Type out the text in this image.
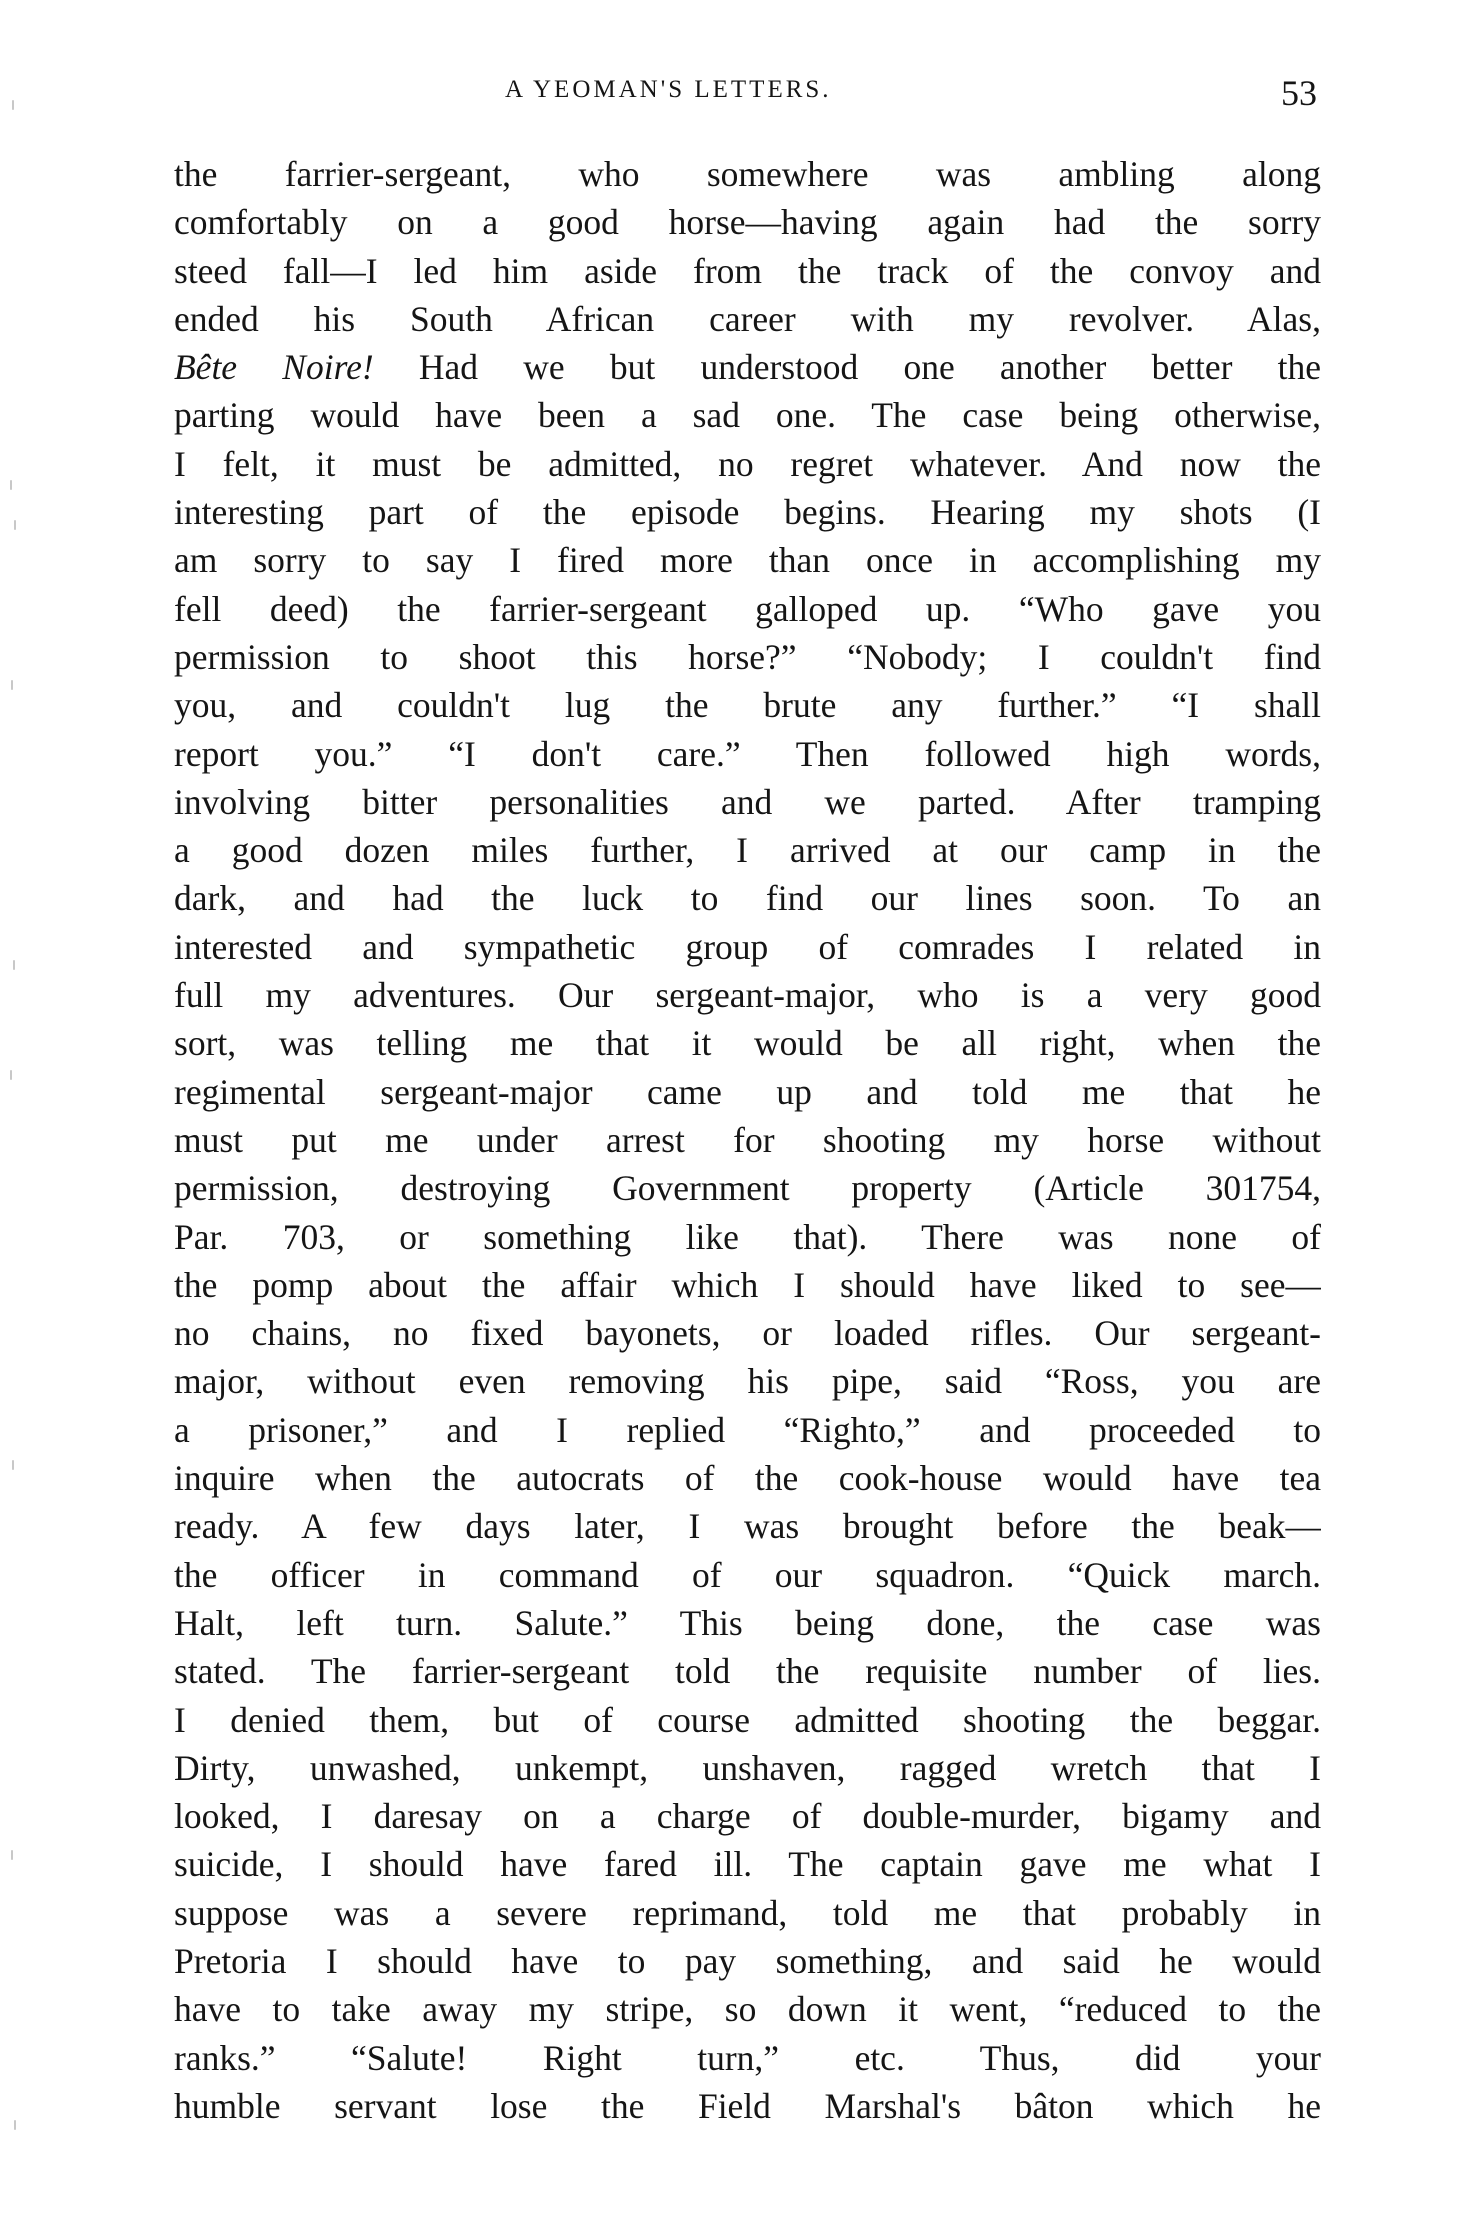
A YEOMAN'S LETTERS.	53
the farrier-sergeant, who somewhere was ambling along
comfortably on a good horse—having again had the sorry
steed fall—I led him aside from the track of the convoy and
ended his South African career with my revolver. Alas,
Bête Noire! Had we but understood one another better the
parting would have been a sad one. The case being otherwise,
I felt, it must be admitted, no regret whatever. And now the
interesting part of the episode begins. Hearing my shots (I
am sorry to say I fired more than once in accomplishing my
fell deed) the farrier-sergeant galloped up. “Who gave you
permission to shoot this horse?” “Nobody; I couldn't find
you, and couldn't lug the brute any further.” “I shall
report you.” “I don't care.” Then followed high words,
involving bitter personalities and we parted. After tramping
a good dozen miles further, I arrived at our camp in the
dark, and had the luck to find our lines soon. To an
interested and sympathetic group of comrades I related in
full my adventures. Our sergeant-major, who is a very good
sort, was telling me that it would be all right, when the
regimental sergeant-major came up and told me that he
must put me under arrest for shooting my horse without
permission, destroying Government property (Article 301754,
Par. 703, or something like that). There was none of
the pomp about the affair which I should have liked to see—
no chains, no fixed bayonets, or loaded rifles. Our sergeant-
major, without even removing his pipe, said “Ross, you are
a prisoner,” and I replied “Righto,” and proceeded to
inquire when the autocrats of the cook-house would have tea
ready. A few days later, I was brought before the beak—
the officer in command of our squadron. “Quick march.
Halt, left turn. Salute.” This being done, the case was
stated. The farrier-sergeant told the requisite number of lies.
I denied them, but of course admitted shooting the beggar.
Dirty, unwashed, unkempt, unshaven, ragged wretch that I
looked, I daresay on a charge of double-murder, bigamy and
suicide, I should have fared ill. The captain gave me what I
suppose was a severe reprimand, told me that probably in
Pretoria I should have to pay something, and said he would
have to take away my stripe, so down it went, “reduced to the
ranks.” “Salute! Right turn,” etc. Thus, did your
humble servant lose the Field Marshal's bâton which he
